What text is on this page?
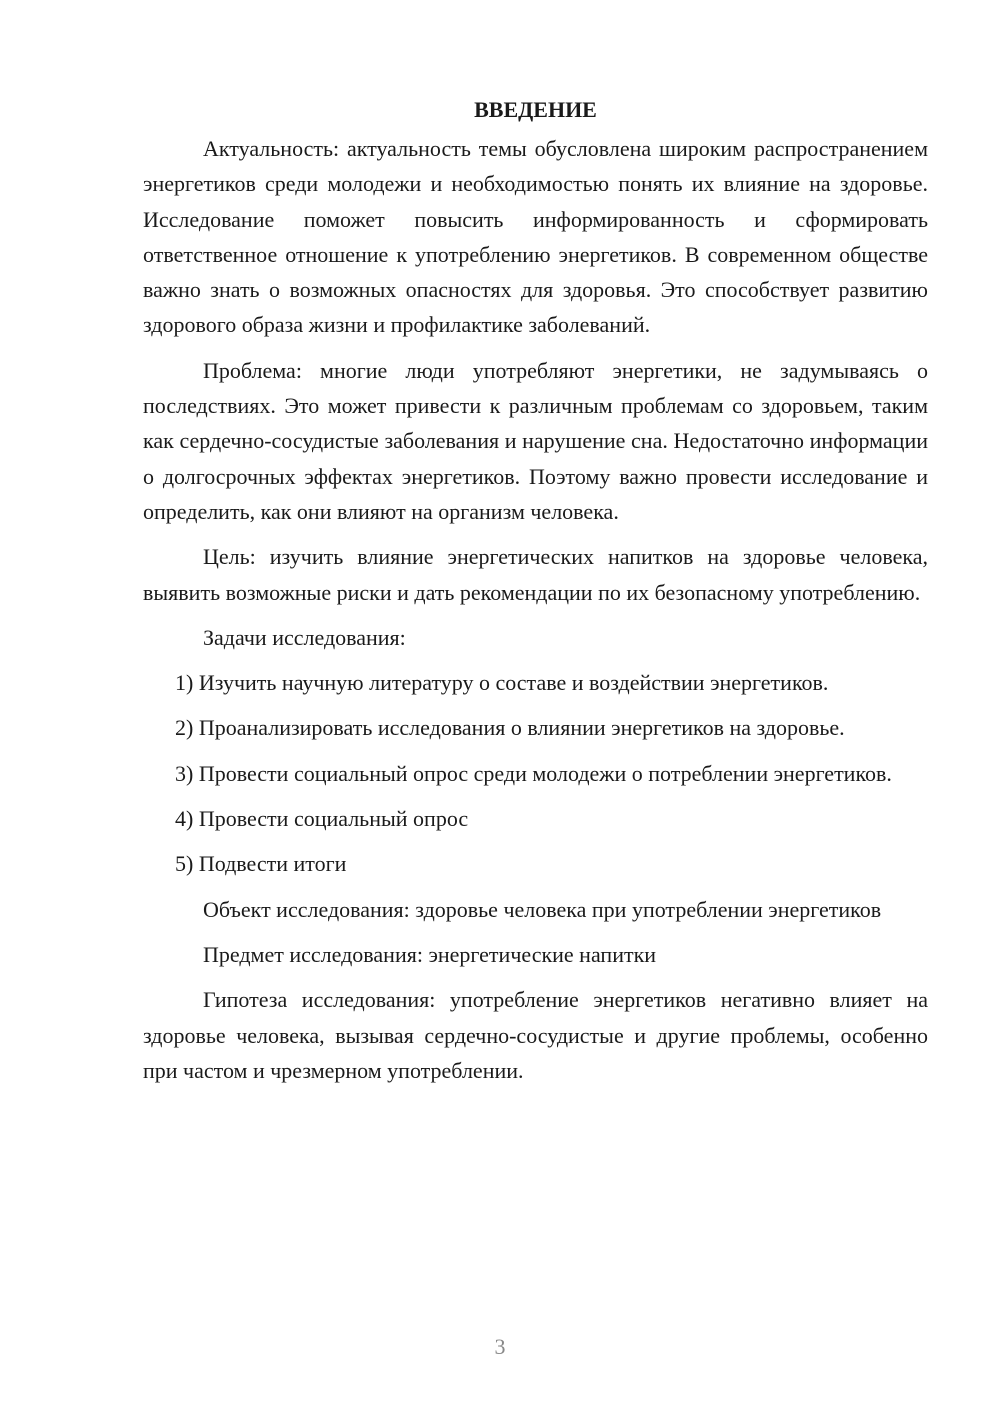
ВВЕДЕНИЕ

Актуальность: актуальность темы обусловлена широким распространением энергетиков среди молодежи и необходимостью понять их влияние на здоровье. Исследование поможет повысить информированность и сформировать ответственное отношение к употреблению энергетиков. В современном обществе важно знать о возможных опасностях для здоровья. Это способствует развитию здорового образа жизни и профилактике заболеваний.

Проблема: многие люди употребляют энергетики, не задумываясь о последствиях. Это может привести к различным проблемам со здоровьем, таким как сердечно-сосудистые заболевания и нарушение сна. Недостаточно информации о долгосрочных эффектах энергетиков. Поэтому важно провести исследование и определить, как они влияют на организм человека.

Цель: изучить влияние энергетических напитков на здоровье человека, выявить возможные риски и дать рекомендации по их безопасному употреблению.

Задачи исследования:

1) Изучить научную литературу о составе и воздействии энергетиков.

2) Проанализировать исследования о влиянии энергетиков на здоровье.

3) Провести социальный опрос среди молодежи о потреблении энергетиков.

4) Провести социальный опрос

5) Подвести итоги

Объект исследования: здоровье человека при употреблении энергетиков

Предмет исследования: энергетические напитки

Гипотеза исследования: употребление энергетиков негативно влияет на здоровье человека, вызывая сердечно-сосудистые и другие проблемы, особенно при частом и чрезмерном употреблении.

3
